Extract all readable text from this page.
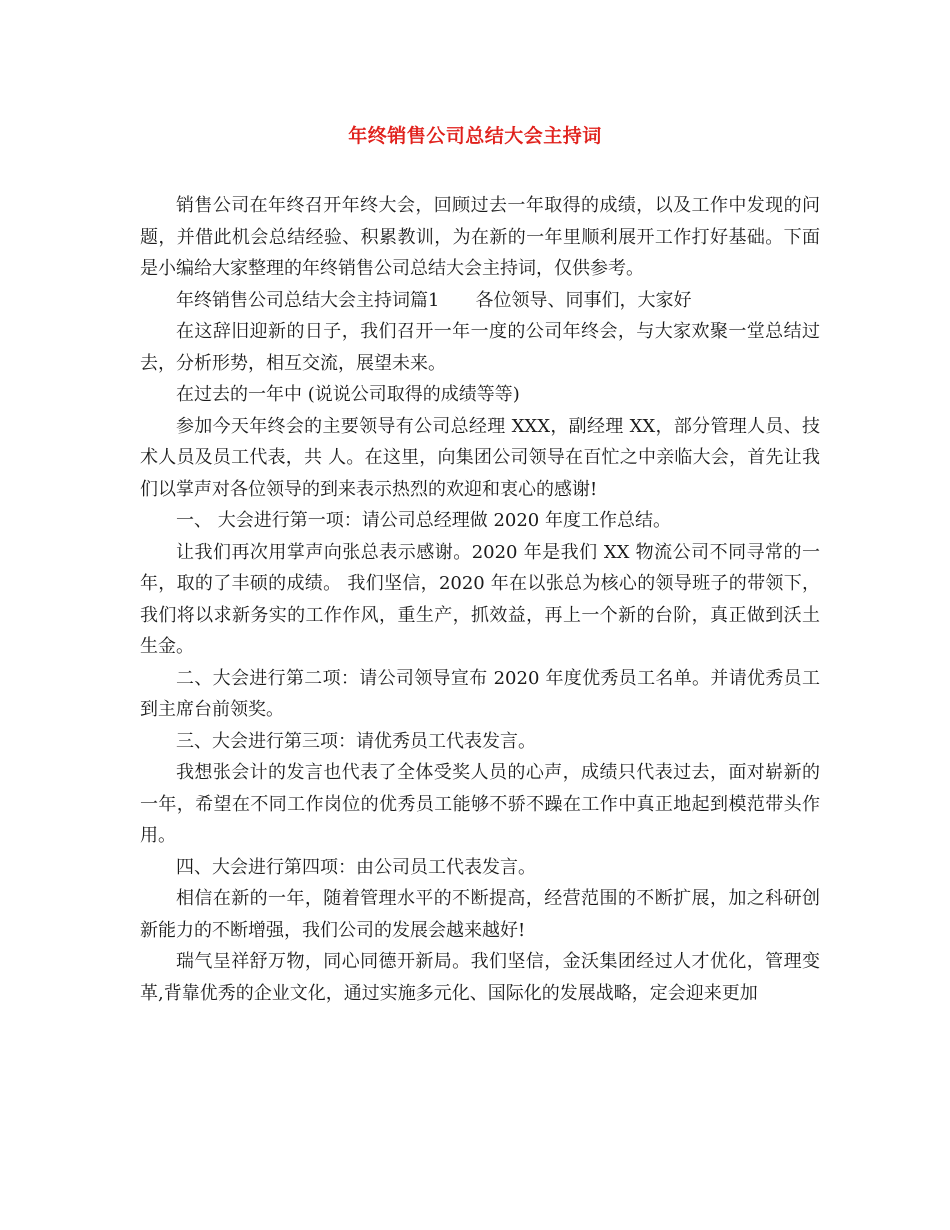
年终销售公司总结大会主持词

销售公司在年终召开年终大会，回顾过去一年取得的成绩，以及工作中发现的问题，并借此机会总结经验、积累教训，为在新的一年里顺利展开工作打好基础。下面是小编给大家整理的年终销售公司总结大会主持词，仅供参考。

年终销售公司总结大会主持词篇1　　各位领导、同事们，大家好

在这辞旧迎新的日子，我们召开一年一度的公司年终会，与大家欢聚一堂总结过去，分析形势，相互交流，展望未来。

在过去的一年中 (说说公司取得的成绩等等)

参加今天年终会的主要领导有公司总经理 XXX，副经理 XX，部分管理人员、技术人员及员工代表，共 人。在这里，向集团公司领导在百忙之中亲临大会，首先让我们以掌声对各位领导的到来表示热烈的欢迎和衷心的感谢!

一、 大会进行第一项：请公司总经理做 2020 年度工作总结。

让我们再次用掌声向张总表示感谢。2020 年是我们 XX 物流公司不同寻常的一年，取的了丰硕的成绩。 我们坚信，2020 年在以张总为核心的领导班子的带领下，我们将以求新务实的工作作风，重生产，抓效益，再上一个新的台阶，真正做到沃土生金。

二、大会进行第二项：请公司领导宣布 2020 年度优秀员工名单。并请优秀员工到主席台前领奖。

三、大会进行第三项：请优秀员工代表发言。

我想张会计的发言也代表了全体受奖人员的心声，成绩只代表过去，面对崭新的一年，希望在不同工作岗位的优秀员工能够不骄不躁在工作中真正地起到模范带头作用。

四、大会进行第四项：由公司员工代表发言。

相信在新的一年，随着管理水平的不断提高，经营范围的不断扩展，加之科研创新能力的不断增强，我们公司的发展会越来越好!

瑞气呈祥舒万物，同心同德开新局。我们坚信，金沃集团经过人才优化，管理变革,背靠优秀的企业文化，通过实施多元化、国际化的发展战略，定会迎来更加
